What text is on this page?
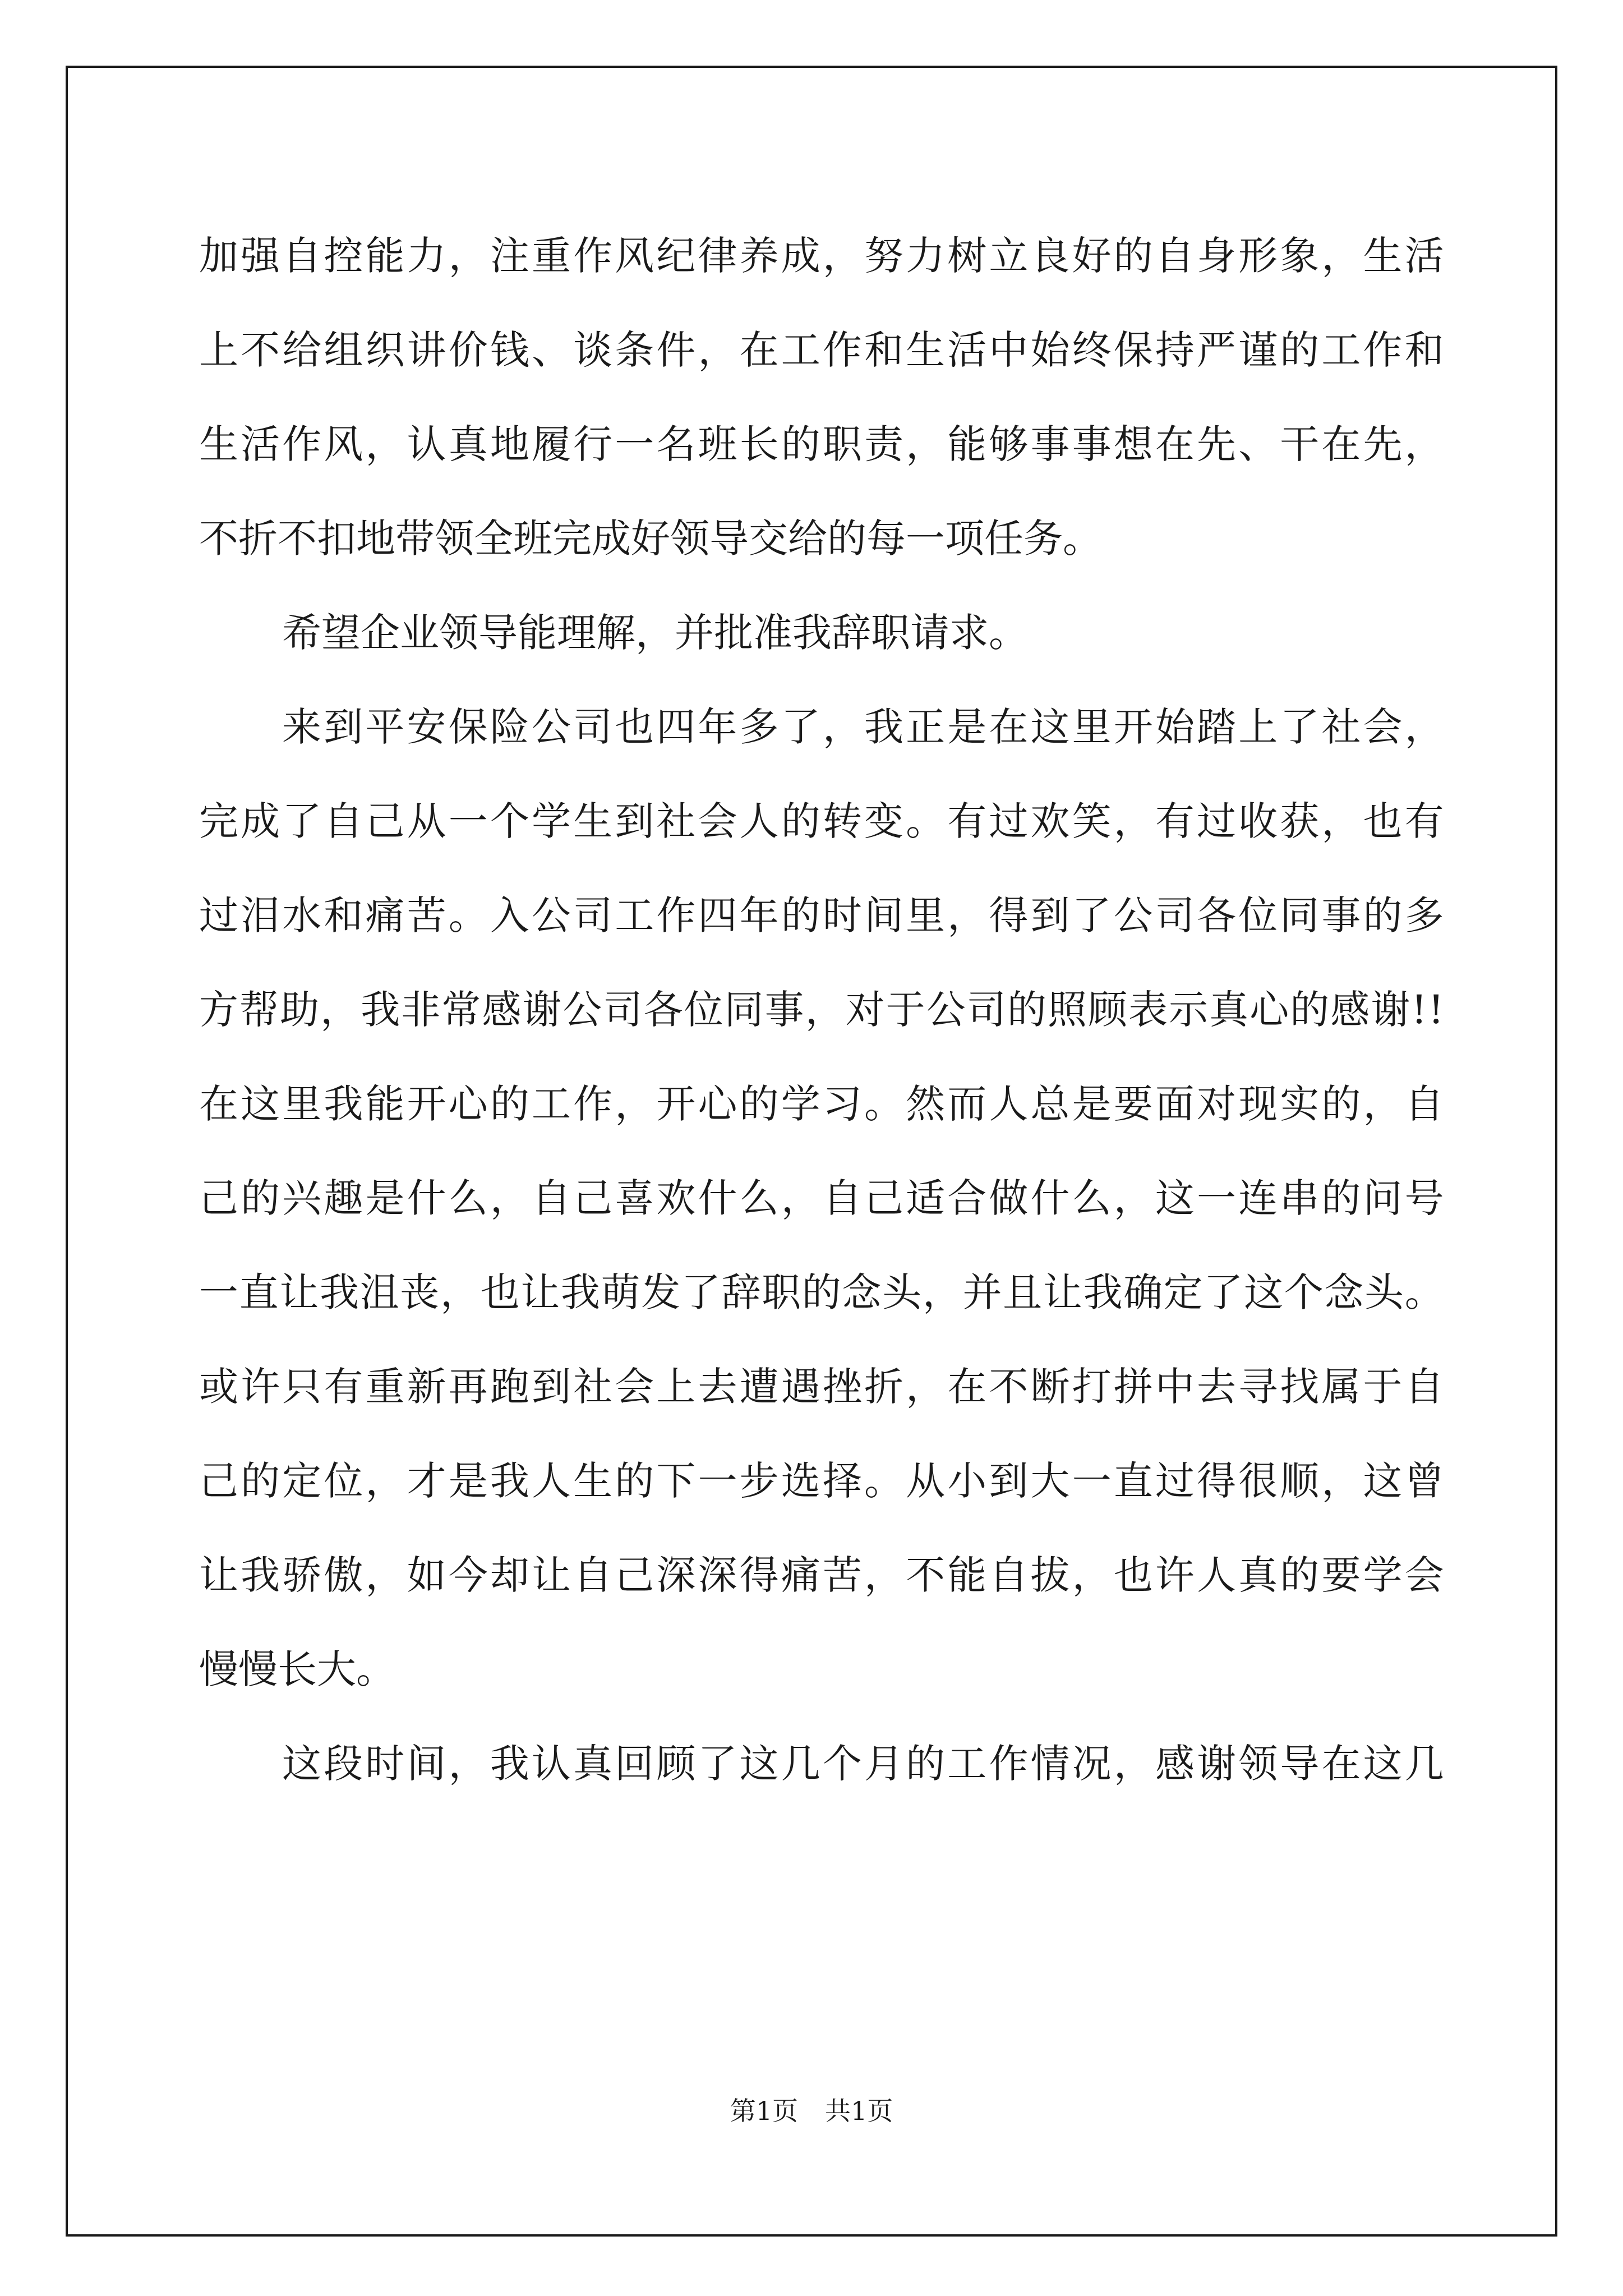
加 强 自 控 能 力 ， 注 重 作 风 纪 律 养 成 ， 努 力 树 立 良 好 的 自 身 形 象 ， 生 活
上 不 给 组 织 讲 价 钱 、 谈 条 件 ， 在 工 作 和 生 活 中 始 终 保 持 严 谨 的 工 作 和
生 活 作 风 ， 认 真 地 履 行 一 名 班 长 的 职 责 ， 能 够 事 事 想 在 先 、 干 在 先 ，
不折不扣地带领全班完成好领导交给的每一项任务。
希望企业领导能理解，并批准我辞职请求。
来 到 平 安 保 险 公 司 也 四 年 多 了 ， 我 正 是 在 这 里 开 始 踏 上 了 社 会 ，
完 成 了 自 己 从 一 个 学 生 到 社 会 人 的 转 变 。 有 过 欢 笑 ， 有 过 收 获 ， 也 有
过 泪 水 和 痛 苦 。 入 公 司 工 作 四 年 的 时 间 里 ， 得 到 了 公 司 各 位 同 事 的 多
方 帮 助 ， 我 非 常 感 谢 公 司 各 位 同 事 ， 对 于 公 司 的 照 顾 表 示 真 心 的 感 谢 ! !
在 这 里 我 能 开 心 的 工 作 ， 开 心 的 学 习 。 然 而 人 总 是 要 面 对 现 实 的 ， 自
己 的 兴 趣 是 什 么 ， 自 己 喜 欢 什 么 ， 自 己 适 合 做 什 么 ， 这 一 连 串 的 问 号
一 直 让 我 沮 丧 ， 也 让 我 萌 发 了 辞 职 的 念 头 ， 并 且 让 我 确 定 了 这 个 念 头 。
或 许 只 有 重 新 再 跑 到 社 会 上 去 遭 遇 挫 折 ， 在 不 断 打 拼 中 去 寻 找 属 于 自
己 的 定 位 ， 才 是 我 人 生 的 下 一 步 选 择 。 从 小 到 大 一 直 过 得 很 顺 ， 这 曾
让 我 骄 傲 ， 如 今 却 让 自 己 深 深 得 痛 苦 ， 不 能 自 拔 ， 也 许 人 真 的 要 学 会
慢慢长大。
这 段 时 间 ， 我 认 真 回 顾 了 这 几 个 月 的 工 作 情 况 ， 感 谢 领 导 在 这 几
第1页 共1页
